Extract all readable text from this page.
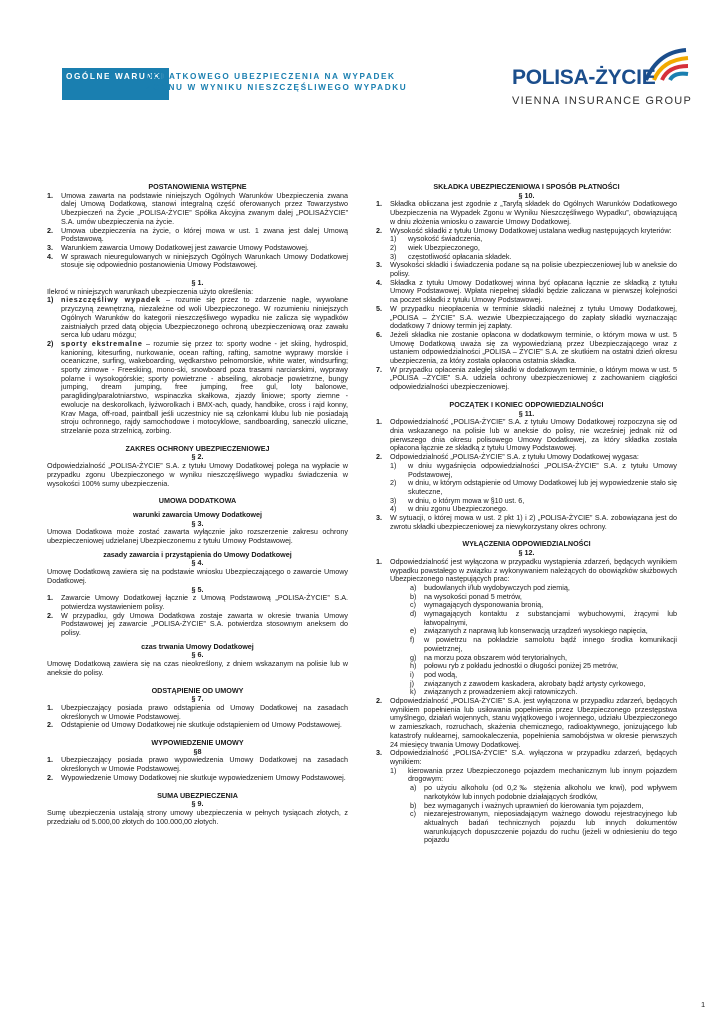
OGÓLNE WARUNKI
DODATKOWEGO UBEZPIECZENIA NA WYPADEK
ZGONU W WYNIKU NIESZCZĘŚLIWEGO WYPADKU	POLISA-ŻYCIE
VIENNA INSURANCE GROUP
POSTANOWIENIA WSTĘPNE
1.	Umowa zawarta na podstawie niniejszych Ogólnych Warunków Ubezpieczenia zwana dalej Umową Dodatkową, stanowi integralną część oferowanych przez Towarzystwo Ubezpieczeń na Życie „POLISA-ŻYCIE” Spółka Akcyjna zwanym dalej „POLISAŻYCIE” S.A. umów ubezpieczenia na życie.
2.	Umowa ubezpieczenia na życie, o której mowa w ust. 1 zwana jest dalej Umową Podstawową.
3.	Warunkiem zawarcia Umowy Dodatkowej jest zawarcie Umowy Podstawowej.
4.	W sprawach nieuregulowanych w niniejszych Ogólnych Warunkach Umowy Dodatkowej stosuje się odpowiednio postanowienia Umowy Podstawowej.
§ 1.

Ilekroć w niniejszych warunkach ubezpieczenia użyto określenia:

1)	nieszczęśliwy wypadek – rozumie się przez to zdarzenie nagłe, wywołane przyczyną zewnętrzną, niezależne od woli Ubezpieczonego. W rozumieniu niniejszych Ogólnych Warunków do kategorii nieszczęśliwego wypadku nie zalicza się wypadków zaistniałych przed datą objęcia Ubezpieczonego ochroną ubezpieczeniową oraz zawału serca lub udaru mózgu;
2)	sporty ekstremalne – rozumie się przez to: sporty wodne - jet skiing, hydrospid, kanioning, kitesurfing, nurkowanie, ocean rafting, rafting, samotne wyprawy morskie i oceaniczne, surfing, wakeboarding, wędkarstwo pełnomorskie, white water, windsurfing; sporty zimowe - Freeskiing, mono-ski, snowboard poza trasami narciarskimi, wyprawy polarne i wysokogórskie; sporty powietrzne - abseiling, akrobacje powietrzne, bungy jumping, dream jumping, free jumping, free gul, loty balonowe, paragliding/paralotniarstwo, wspinaczka skałkowa, zjazdy liniowe; sporty ziemne - ewolucje na deskorolkach, łyżworolkach i BMX-ach, quady, handbike, cross i rajd konny, Krav Maga, off-road, paintball jeśli uczestnicy nie są członkami klubu lub nie posiadają stroju ochronnego, rajdy samochodowe i motocyklowe, sandboarding, saneczki uliczne, strzelanie poza strzelnicą, zorbing.
ZAKRES OCHRONY UBEZPIECZENIOWEJ
§ 2.

Odpowiedzialność „POLISA-ŻYCIE” S.A. z tytułu Umowy Dodatkowej polega na wypłacie w przypadku zgonu Ubezpieczonego w wyniku nieszczęśliwego wypadku świadczenia w wysokości 100% sumy ubezpieczenia.

UMOWA DODATKOWA
warunki zawarcia Umowy Dodatkowej
§ 3.

Umowa Dodatkowa może zostać zawarta wyłącznie jako rozszerzenie zakresu ochrony ubezpieczeniowej udzielanej Ubezpieczonemu z tytułu Umowy Podstawowej.

zasady zawarcia i przystąpienia do Umowy Dodatkowej
§ 4.

Umowę Dodatkową zawiera się na podstawie wniosku Ubezpieczającego o zawarcie Umowy Dodatkowej.

§ 5.
1.	Zawarcie Umowy Dodatkowej łącznie z Umową Podstawową „POLISA-ŻYCIE” S.A. potwierdza wystawieniem polisy.
2.	W przypadku, gdy Umowa Dodatkowa zostaje zawarta w okresie trwania Umowy Podstawowej jej zawarcie „POLISA-ŻYCIE” S.A. potwierdza stosownym aneksem do polisy.
czas trwania Umowy Dodatkowej
§ 6.

Umowę Dodatkową zawiera się na czas nieokreślony, z dniem wskazanym na polisie lub w aneksie do polisy.

ODSTĄPIENIE OD UMOWY
§ 7.
1.	Ubezpieczający posiada prawo odstąpienia od Umowy Dodatkowej na zasadach określonych w Umowie Podstawowej.
2.	Odstąpienie od Umowy Dodatkowej nie skutkuje odstąpieniem od Umowy Podstawowej.
WYPOWIEDZENIE UMOWY
§8
1.	Ubezpieczający posiada prawo wypowiedzenia Umowy Dodatkowej na zasadach określonych w Umowie Podstawowej.
2.	Wypowiedzenie Umowy Dodatkowej nie skutkuje wypowiedzeniem Umowy Podstawowej.
SUMA UBEZPIECZENIA
§ 9.

Sumę ubezpieczenia ustalają strony umowy ubezpieczenia w pełnych tysiącach złotych, z przedziału od 5.000,00 złotych do 100.000,00 złotych.

SKŁADKA UBEZPIECZENIOWA I SPOSÓB PŁATNOŚCI
§ 10.
1.	Składka obliczana jest zgodnie z „Taryfą składek do Ogólnych Warunków Dodatkowego Ubezpieczenia na Wypadek Zgonu w Wyniku Nieszczęśliwego Wypadku”, obowiązującą w dniu złożenia wniosku o zawarcie Umowy Dodatkowej.
2.	Wysokość składki z tytułu Umowy Dodatkowej ustalana według następujących kryteriów:
1)	wysokość świadczenia,
2)	wiek Ubezpieczonego,
3)	częstotliwość opłacania składek.
3.	Wysokości składki i świadczenia podane są na polisie ubezpieczeniowej lub w aneksie do polisy.
4.	Składka z tytułu Umowy Dodatkowej winna być opłacana łącznie ze składką z tytułu Umowy Podstawowej. Wpłata niepełnej składki będzie zaliczana w pierwszej kolejności na poczet składki z tytułu Umowy Podstawowej.
5.	W przypadku nieopłacenia w terminie składki należnej z tytułu Umowy Dodatkowej, „POLISA – ŻYCIE” S.A. wezwie Ubezpieczającego do zapłaty składki wyznaczając dodatkowy 7 dniowy termin jej zapłaty.
6.	Jeżeli składka nie zostanie opłacona w dodatkowym terminie, o którym mowa w ust. 5 Umowę Dodatkową uważa się za wypowiedzianą przez Ubezpieczającego wraz z ustaniem odpowiedzialności „POLISA – ŻYCIE” S.A. ze skutkiem na ostatni dzień okresu ubezpieczenia, za który została opłacona ostatnia składka.
7.	W przypadku opłacenia zaległej składki w dodatkowym terminie, o którym mowa w ust. 5 „POLISA –ŻYCIE” S.A. udziela ochrony ubezpieczeniowej z zachowaniem ciągłości odpowiedzialności ubezpieczeniowej.
POCZĄTEK I KONIEC ODPOWIEDZIALNOŚCI
§ 11.
1.	Odpowiedzialność „POLISA-ŻYCIE” S.A. z tytułu Umowy Dodatkowej rozpoczyna się od dnia wskazanego na polisie lub w aneksie do polisy, nie wcześniej jednak niż od pierwszego dnia okresu polisowego Umowy Dodatkowej, za który składka została opłacona łącznie ze składką z tytułu Umowy Podstawowej.
2.	Odpowiedzialność „POLISA-ŻYCIE” S.A. z tytułu Umowy Dodatkowej wygasa:
1)	w dniu wygaśnięcia odpowiedzialności „POLISA-ŻYCIE” S.A. z tytułu Umowy Podstawowej,
2)	w dniu, w którym odstąpienie od Umowy Dodatkowej lub jej wypowiedzenie stało się skuteczne,
3)	w dniu, o którym mowa w §10 ust. 6,
4)	w dniu zgonu Ubezpieczonego.
3.	W sytuacji, o której mowa w ust. 2 pkt 1) i 2) „POLISA-ŻYCIE” S.A. zobowiązana jest do zwrotu składki ubezpieczeniowej za niewykorzystany okres ochrony.
WYŁĄCZENIA ODPOWIEDZIALNOŚCI
§ 12.
1.	Odpowiedzialność jest wyłączona w przypadku wystąpienia zdarzeń, będących wynikiem wypadku powstałego w związku z wykonywaniem należących do obowiązków służbowych Ubezpieczonego następujących prac:
a)	budowlanych i/lub wydobywczych pod ziemią,
b)	na wysokości ponad 5 metrów,
c)	wymagających dysponowania bronią,
d)	wymagających kontaktu z substancjami wybuchowymi, żrącymi lub łatwopalnymi,
e)	związanych z naprawą lub konserwacją urządzeń wysokiego napięcia,
f)	w powietrzu na pokładzie samolotu bądź innego środka komunikacji powietrznej,
g)	na morzu poza obszarem wód terytorialnych,
h)	połowu ryb z pokładu jednostki o długości poniżej 25 metrów,
i)	pod wodą,
j)	związanych z zawodem kaskadera, akrobaty bądź artysty cyrkowego,
k)	związanych z prowadzeniem akcji ratowniczych.
2.	Odpowiedzialność „POLISA-ŻYCIE” S.A. jest wyłączona w przypadku zdarzeń, będących wynikiem popełnienia lub usiłowania popełnienia przez Ubezpieczonego przestępstwa umyślnego, działań wojennych, stanu wyjątkowego i wojennego, udziału Ubezpieczonego w zamieszkach, rozruchach, skażenia chemicznego, radioaktywnego, jonizującego lub katastrofy nuklearnej, samookaleczenia, popełnienia samobójstwa w okresie pierwszych 24 miesięcy trwania Umowy Dodatkowej.
3.	Odpowiedzialność „POLISA-ŻYCIE” S.A. wyłączona w przypadku zdarzeń, będących wynikiem:
1)	kierowania przez Ubezpieczonego pojazdem mechanicznym lub innym pojazdem drogowym:
a)	po użyciu alkoholu (od 0,2‰ stężenia alkoholu we krwi), pod wpływem narkotyków lub innych podobnie działających środków,
b)	bez wymaganych i ważnych uprawnień do kierowania tym pojazdem,
c)	niezarejestrowanym, nieposiadającym ważnego dowodu rejestracyjnego lub aktualnych badań technicznych pojazdu lub innych dokumentów warunkujących dopuszczenie pojazdu do ruchu (jeżeli w odniesieniu do tego pojazdu
1
